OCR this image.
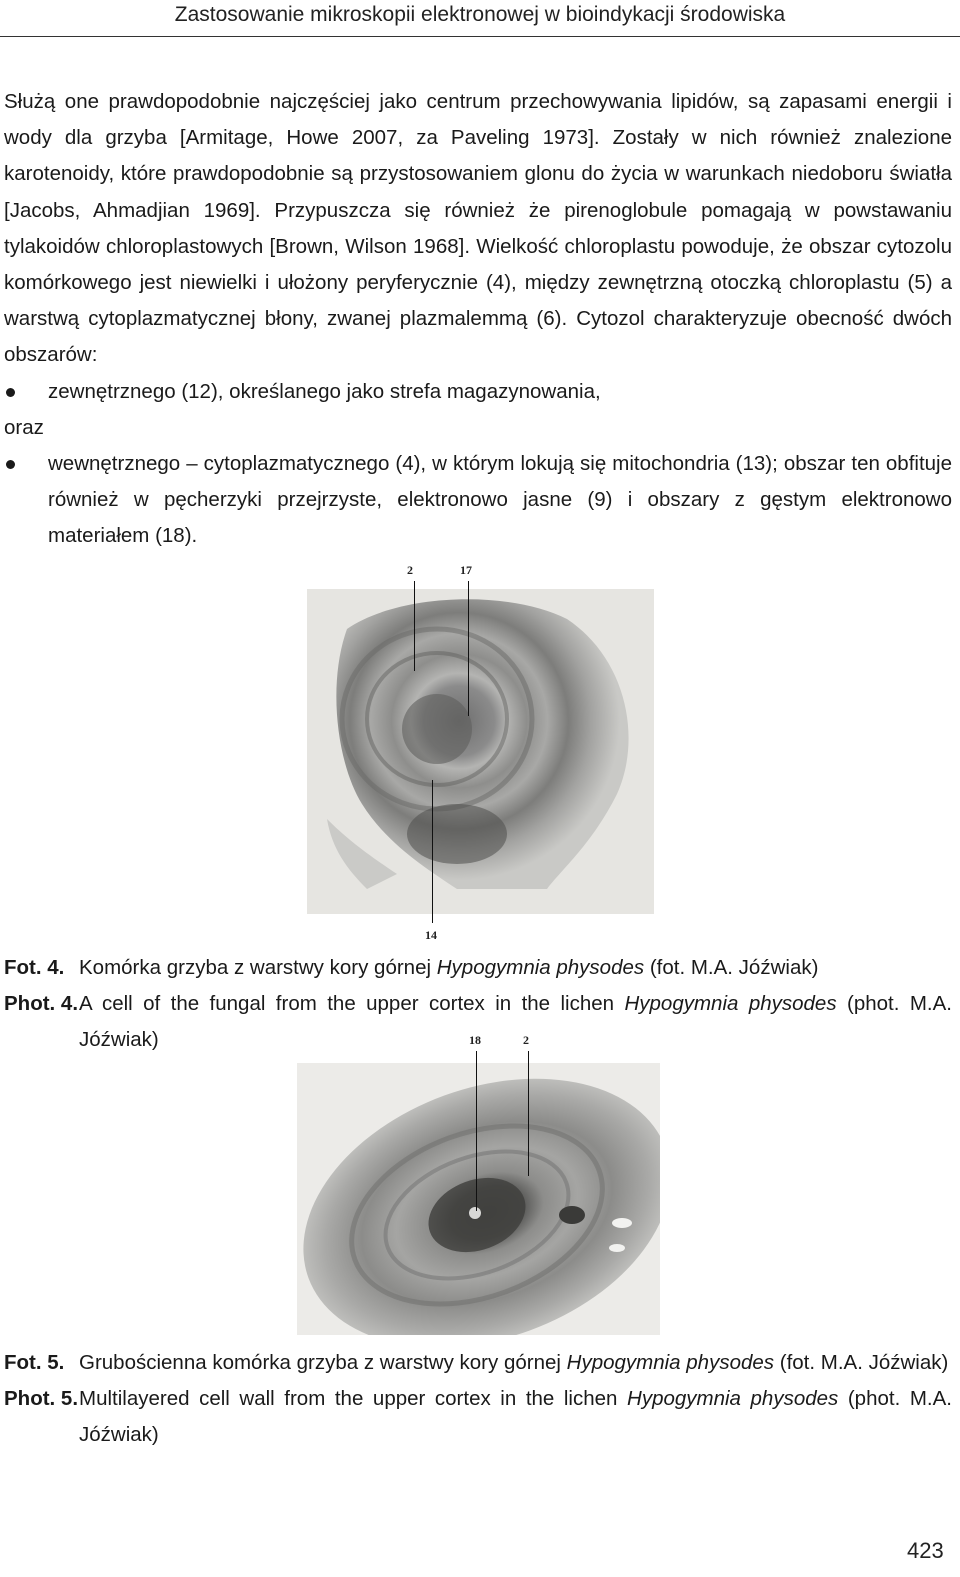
Zastosowanie mikroskopii elektronowej w bioindykacji środowiska

Służą one prawdopodobnie najczęściej jako centrum przechowywania lipidów, są zapasami energii i wody dla grzyba [Armitage, Howe 2007, za Paveling 1973]. Zostały w nich również znalezione karotenoidy, które prawdopodobnie są przystosowaniem glonu do życia w warunkach niedoboru światła [Jacobs, Ahmadjian 1969]. Przypuszcza się również że pirenoglobule pomagają w powstawaniu tylakoidów chloroplastowych [Brown, Wilson 1968]. Wielkość chloroplastu powoduje, że obszar cytozolu komórkowego jest niewielki i ułożony peryferycznie (4), między zewnętrzną otoczką chloroplastu (5) a warstwą cytoplazmatycznej błony, zwanej plazmalemmą (6). Cytozol charakteryzuje obecność dwóch obszarów:

zewnętrznego (12), określanego jako strefa magazynowania,

oraz

wewnętrznego – cytoplazmatycznego (4), w którym lokują się mitochondria (13); obszar ten obfituje również w pęcherzyki przejrzyste, elektronowo jasne (9) i obszary z gęstym elektronowo materiałem (18).

2	17
14

Fot. 4. Komórka grzyba z warstwy kory górnej Hypogymnia physodes (fot. M.A. Jóźwiak)

Phot. 4. A cell of the fungal from the upper cortex in the lichen Hypogymnia physodes (phot. M.A. Jóźwiak)	18	2

Fot. 5. Grubościenna komórka grzyba z warstwy kory górnej Hypogymnia physodes (fot. M.A. Jóźwiak)

Phot. 5. Multilayered cell wall from the upper cortex in the lichen Hypogymnia physodes (phot. M.A. Jóźwiak)

423
